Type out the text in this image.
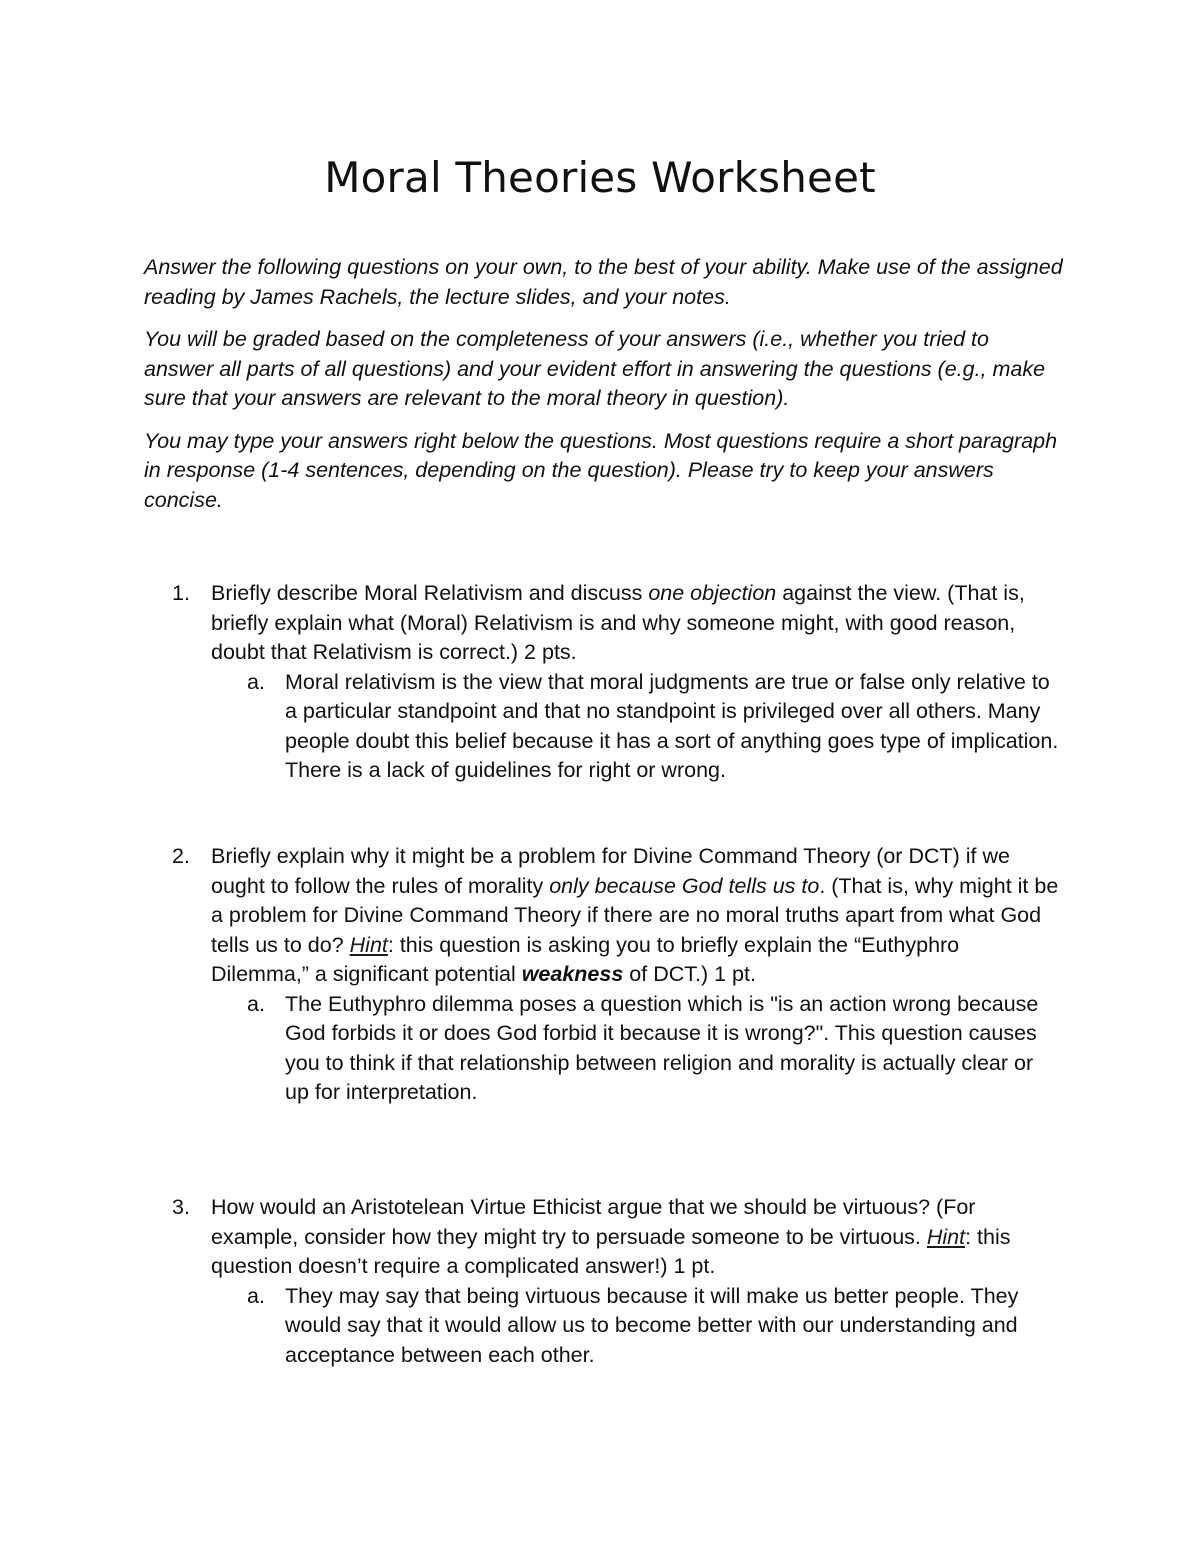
Moral Theories Worksheet

Answer the following questions on your own, to the best of your ability. Make use of the assigned reading by James Rachels, the lecture slides, and your notes.

You will be graded based on the completeness of your answers (i.e., whether you tried to answer all parts of all questions) and your evident effort in answering the questions (e.g., make sure that your answers are relevant to the moral theory in question).

You may type your answers right below the questions. Most questions require a short paragraph in response (1-4 sentences, depending on the question). Please try to keep your answers concise.

1. Briefly describe Moral Relativism and discuss one objection against the view. (That is, briefly explain what (Moral) Relativism is and why someone might, with good reason, doubt that Relativism is correct.) 2 pts.
a. Moral relativism is the view that moral judgments are true or false only relative to a particular standpoint and that no standpoint is privileged over all others. Many people doubt this belief because it has a sort of anything goes type of implication. There is a lack of guidelines for right or wrong.
2. Briefly explain why it might be a problem for Divine Command Theory (or DCT) if we ought to follow the rules of morality only because God tells us to. (That is, why might it be a problem for Divine Command Theory if there are no moral truths apart from what God tells us to do? Hint: this question is asking you to briefly explain the “Euthyphro Dilemma,” a significant potential weakness of DCT.) 1 pt.
a. The Euthyphro dilemma poses a question which is "is an action wrong because God forbids it or does God forbid it because it is wrong?". This question causes you to think if that relationship between religion and morality is actually clear or up for interpretation.
3. How would an Aristotelean Virtue Ethicist argue that we should be virtuous? (For example, consider how they might try to persuade someone to be virtuous. Hint: this question doesn’t require a complicated answer!) 1 pt.
a. They may say that being virtuous because it will make us better people. They would say that it would allow us to become better with our understanding and acceptance between each other.
